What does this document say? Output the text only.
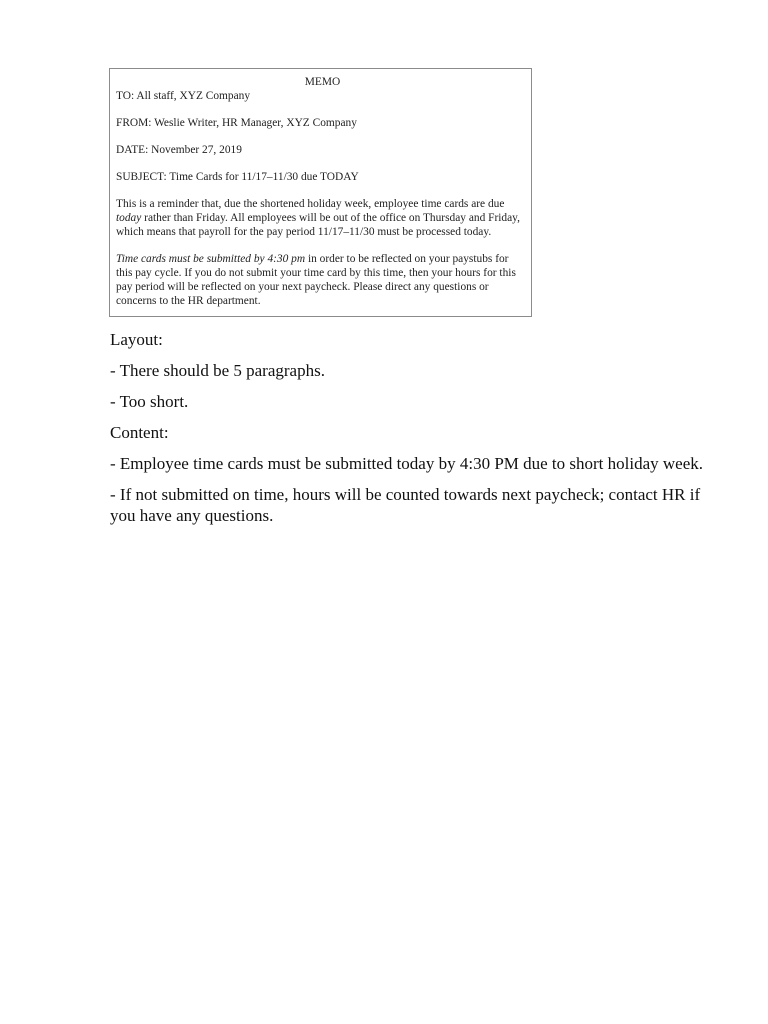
MEMO

TO: All staff, XYZ Company

FROM: Weslie Writer, HR Manager, XYZ Company

DATE: November 27, 2019

SUBJECT: Time Cards for 11/17–11/30 due TODAY

This is a reminder that, due the shortened holiday week, employee time cards are due today rather than Friday. All employees will be out of the office on Thursday and Friday, which means that payroll for the pay period 11/17–11/30 must be processed today.

Time cards must be submitted by 4:30 pm in order to be reflected on your paystubs for this pay cycle. If you do not submit your time card by this time, then your hours for this pay period will be reflected on your next paycheck. Please direct any questions or concerns to the HR department.

Layout:

- There should be 5 paragraphs.

- Too short.

Content:

- Employee time cards must be submitted today by 4:30 PM due to short holiday week.

- If not submitted on time, hours will be counted towards next paycheck; contact HR if you have any questions.
